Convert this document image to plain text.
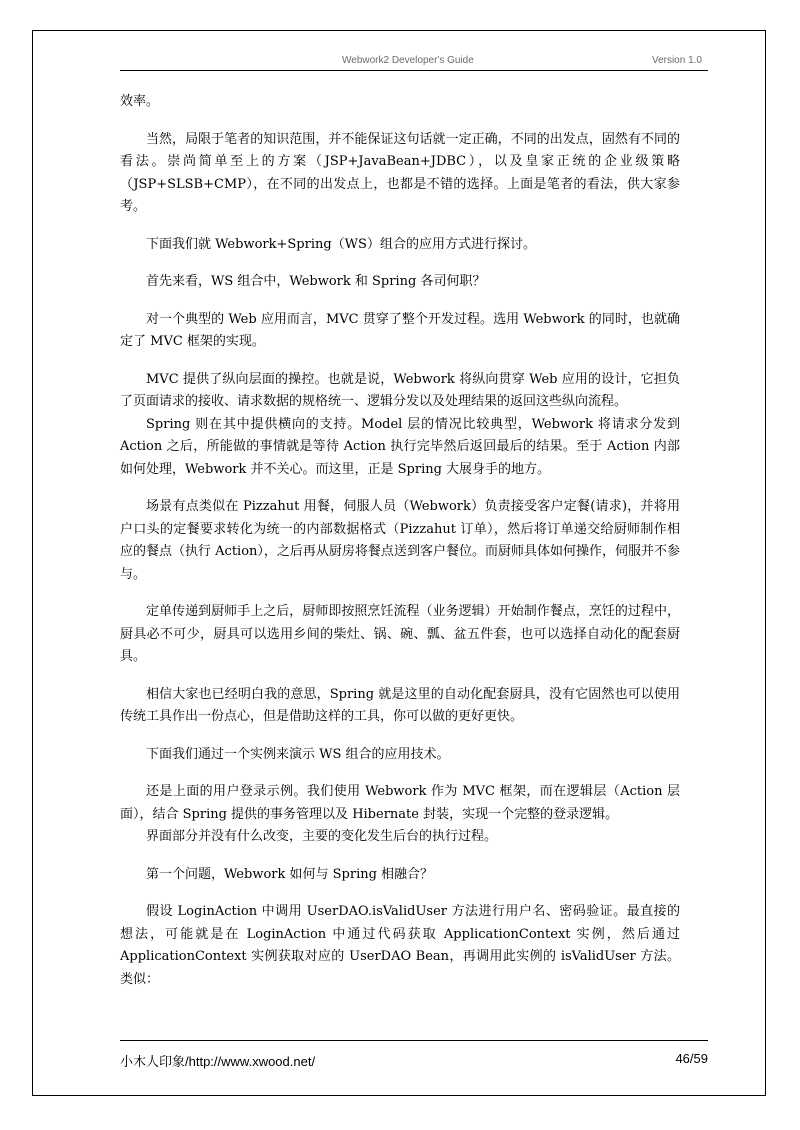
Webwork2 Developer's Guide	Version 1.0

效率。

当然，局限于笔者的知识范围，并不能保证这句话就一定正确，不同的出发点，固然有不同的看法。崇尚简单至上的方案（JSP+JavaBean+JDBC），以及皇家正统的企业级策略（JSP+SLSB+CMP），在不同的出发点上，也都是不错的选择。上面是笔者的看法，供大家参考。

下面我们就 Webwork+Spring（WS）组合的应用方式进行探讨。

首先来看，WS 组合中，Webwork 和 Spring 各司何职？

对一个典型的 Web 应用而言，MVC 贯穿了整个开发过程。选用 Webwork 的同时，也就确定了 MVC 框架的实现。

MVC 提供了纵向层面的操控。也就是说，Webwork 将纵向贯穿 Web 应用的设计，它担负了页面请求的接收、请求数据的规格统一、逻辑分发以及处理结果的返回这些纵向流程。

Spring 则在其中提供横向的支持。Model 层的情况比较典型，Webwork 将请求分发到 Action 之后，所能做的事情就是等待 Action 执行完毕然后返回最后的结果。至于 Action 内部如何处理，Webwork 并不关心。而这里，正是 Spring 大展身手的地方。

场景有点类似在 Pizzahut 用餐，伺服人员（Webwork）负责接受客户定餐(请求)，并将用户口头的定餐要求转化为统一的内部数据格式（Pizzahut 订单），然后将订单递交给厨师制作相应的餐点（执行 Action），之后再从厨房将餐点送到客户餐位。而厨师具体如何操作，伺服并不参与。

定单传递到厨师手上之后，厨师即按照烹饪流程（业务逻辑）开始制作餐点，烹饪的过程中，厨具必不可少，厨具可以选用乡间的柴灶、锅、碗、瓢、盆五件套，也可以选择自动化的配套厨具。

相信大家也已经明白我的意思，Spring 就是这里的自动化配套厨具，没有它固然也可以使用传统工具作出一份点心，但是借助这样的工具，你可以做的更好更快。

下面我们通过一个实例来演示 WS 组合的应用技术。

还是上面的用户登录示例。我们使用 Webwork 作为 MVC 框架，而在逻辑层（Action 层面），结合 Spring 提供的事务管理以及 Hibernate 封装，实现一个完整的登录逻辑。

界面部分并没有什么改变，主要的变化发生后台的执行过程。

第一个问题，Webwork 如何与 Spring 相融合？

假设 LoginAction 中调用 UserDAO.isValidUser 方法进行用户名、密码验证。最直接的想法，可能就是在 LoginAction 中通过代码获取 ApplicationContext 实例，然后通过 ApplicationContext 实例获取对应的 UserDAO Bean，再调用此实例的 isValidUser 方法。类似：

小木人印象/http://www.xwood.net/	46/59
